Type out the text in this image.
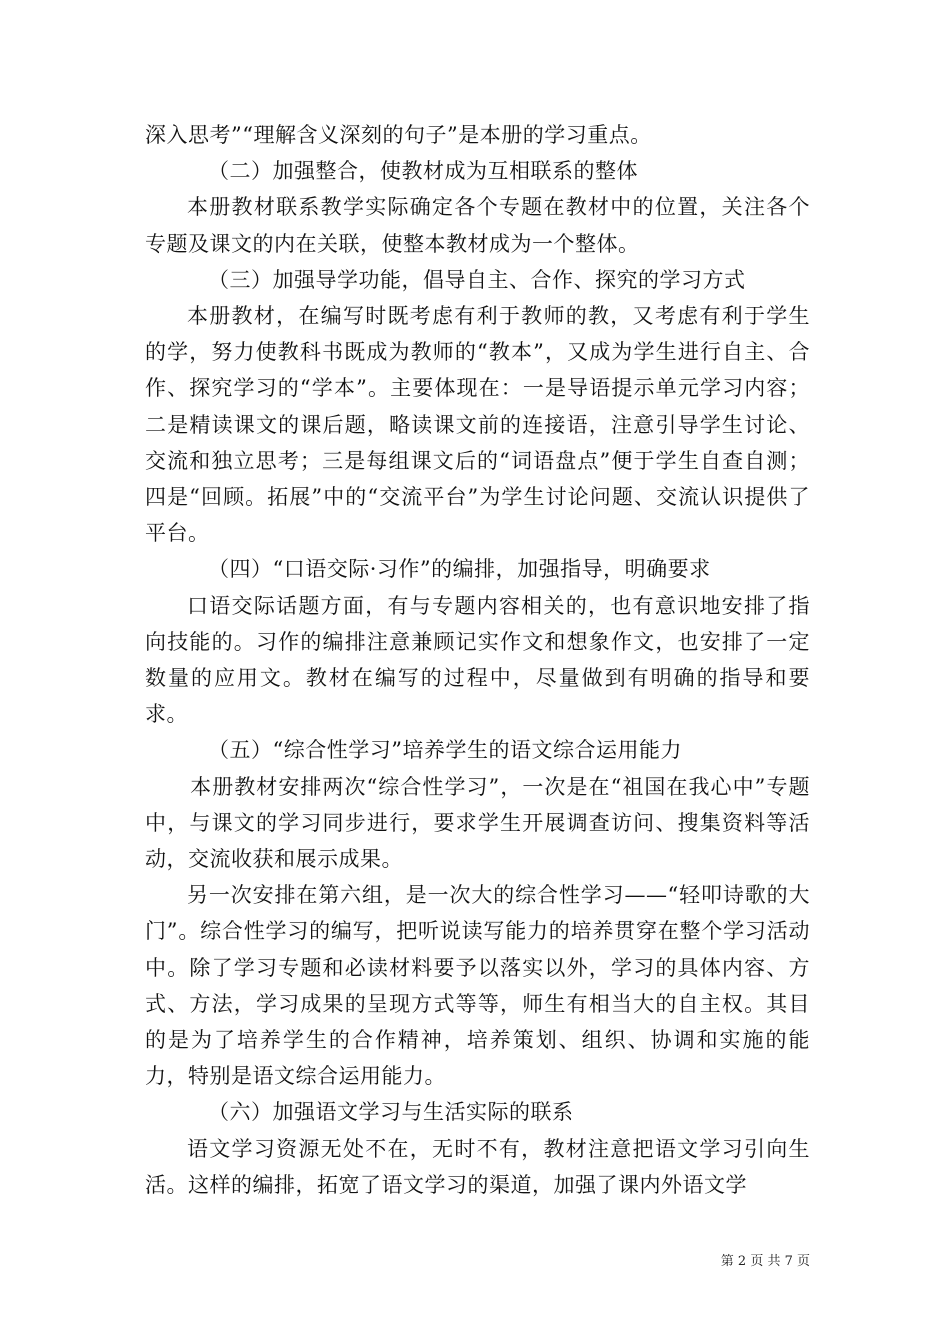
深入思考”“理解含义深刻的句子”是本册的学习重点。

（二）加强整合，使教材成为互相联系的整体

本册教材联系教学实际确定各个专题在教材中的位置，关注各个专题及课文的内在关联，使整本教材成为一个整体。

（三）加强导学功能，倡导自主、合作、探究的学习方式

本册教材，在编写时既考虑有利于教师的教，又考虑有利于学生的学，努力使教科书既成为教师的“教本”，又成为学生进行自主、合作、探究学习的“学本”。主要体现在：一是导语提示单元学习内容；二是精读课文的课后题，略读课文前的连接语，注意引导学生讨论、交流和独立思考；三是每组课文后的“词语盘点”便于学生自查自测；四是“回顾。拓展”中的“交流平台”为学生讨论问题、交流认识提供了平台。

（四）“口语交际·习作”的编排，加强指导，明确要求

口语交际话题方面，有与专题内容相关的，也有意识地安排了指向技能的。习作的编排注意兼顾记实作文和想象作文，也安排了一定数量的应用文。教材在编写的过程中，尽量做到有明确的指导和要求。

（五）“综合性学习”培养学生的语文综合运用能力

本册教材安排两次“综合性学习”，一次是在“祖国在我心中”专题中，与课文的学习同步进行，要求学生开展调查访问、搜集资料等活动，交流收获和展示成果。

另一次安排在第六组，是一次大的综合性学习——“轻叩诗歌的大门”。综合性学习的编写，把听说读写能力的培养贯穿在整个学习活动中。除了学习专题和必读材料要予以落实以外，学习的具体内容、方式、方法，学习成果的呈现方式等等，师生有相当大的自主权。其目的是为了培养学生的合作精神，培养策划、组织、协调和实施的能力，特别是语文综合运用能力。

（六）加强语文学习与生活实际的联系

语文学习资源无处不在，无时不有，教材注意把语文学习引向生活。这样的编排，拓宽了语文学习的渠道，加强了课内外语文学

第 2 页 共 7 页
